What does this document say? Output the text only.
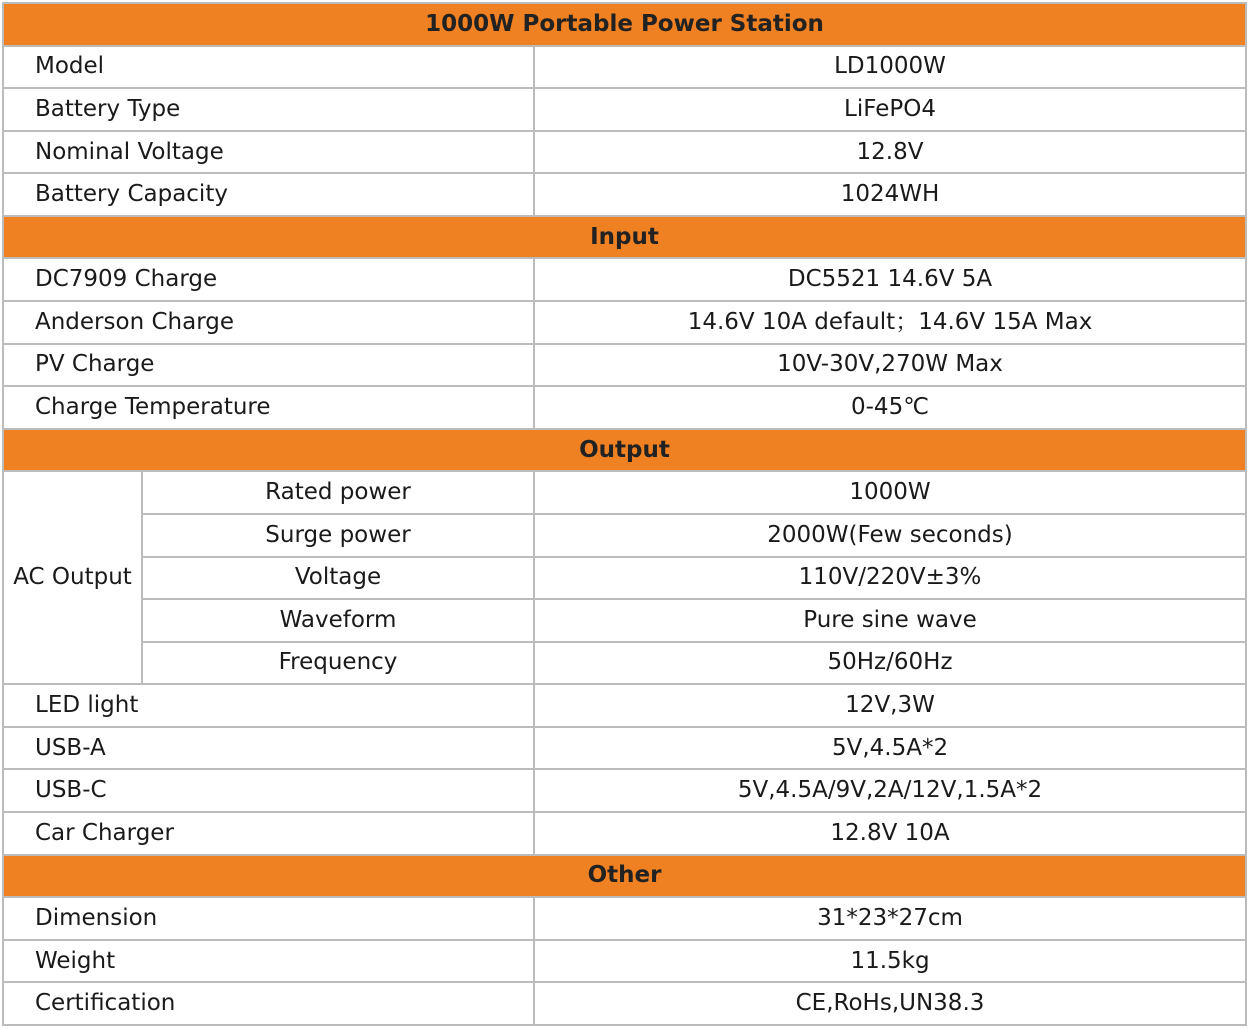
1000W Portable Power Station		
Model		LD1000W
Battery Type		LiFePO4
Nominal Voltage		12.8V
Battery Capacity		1024WH
Input		
DC7909 Charge		DC5521 14.6V 5A
Anderson Charge		14.6V 10A default；14.6V 15A Max
PV Charge		10V-30V,270W Max
Charge Temperature		0-45℃
Output		
AC Output	Rated power	1000W
	Surge power	2000W(Few seconds)
	Voltage	110V/220V±3%
	Waveform	Pure sine wave
	Frequency	50Hz/60Hz
LED light		12V,3W
USB-A		5V,4.5A*2
USB-C		5V,4.5A/9V,2A/12V,1.5A*2
Car Charger		12.8V 10A
Other		
Dimension		31*23*27cm
Weight		11.5kg
Certification		CE,RoHs,UN38.3
